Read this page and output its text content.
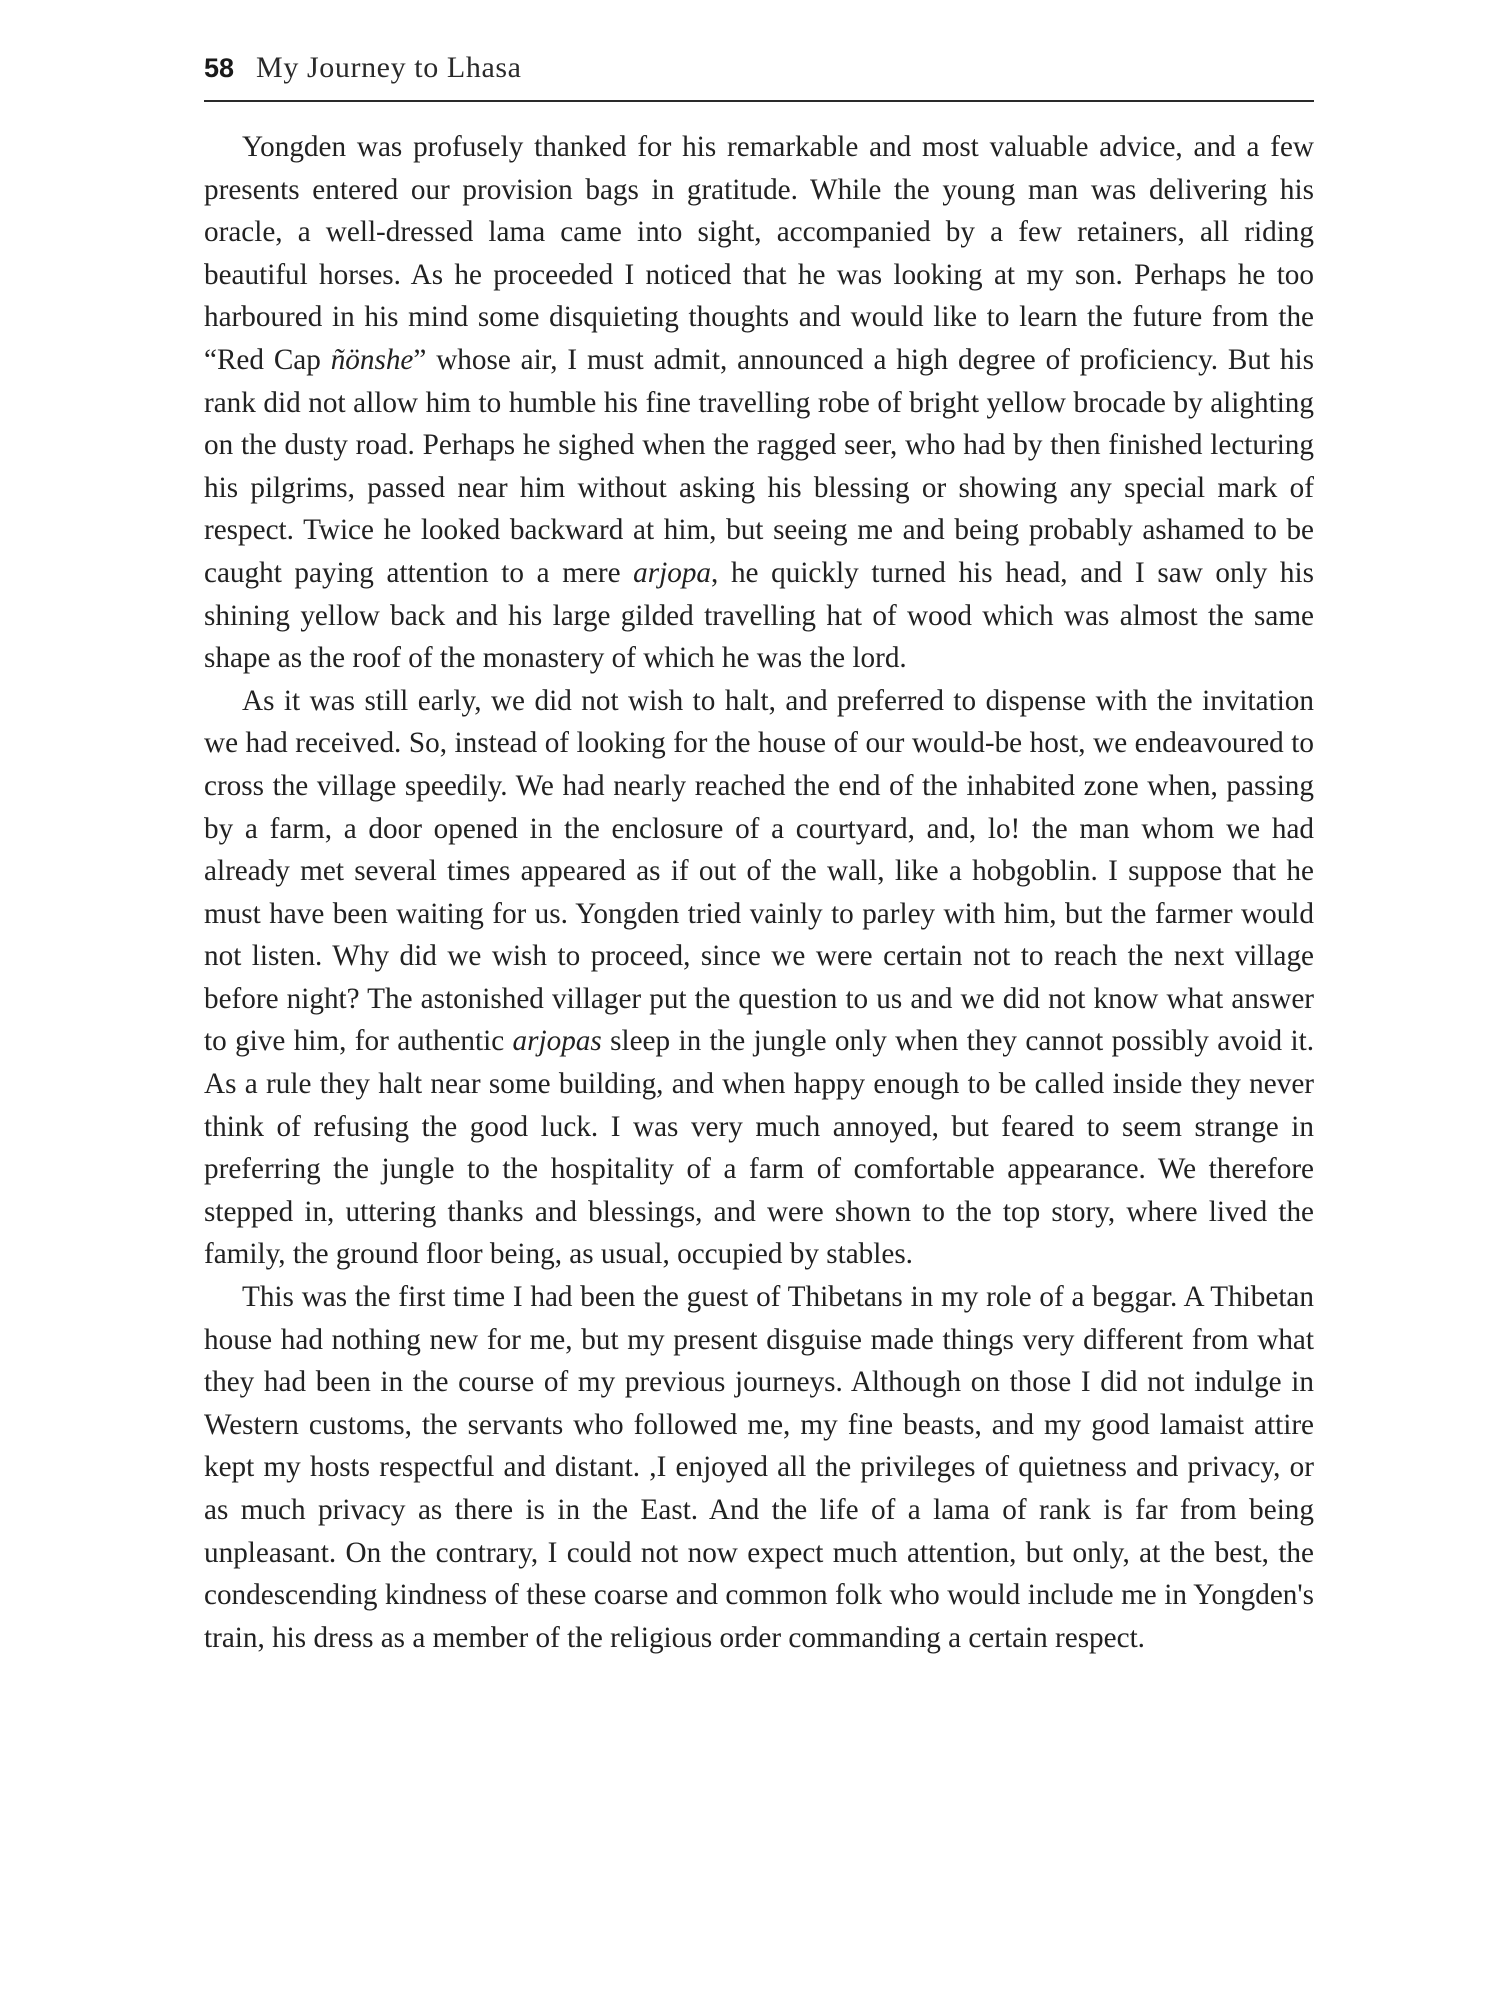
58 My Journey to Lhasa

Yongden was profusely thanked for his remarkable and most valuable advice, and a few presents entered our provision bags in gratitude. While the young man was delivering his oracle, a well-dressed lama came into sight, accompanied by a few retainers, all riding beautiful horses. As he proceeded I noticed that he was looking at my son. Perhaps he too harboured in his mind some disquieting thoughts and would like to learn the future from the “Red Cap ñönshe” whose air, I must admit, announced a high degree of proficiency. But his rank did not allow him to humble his fine travelling robe of bright yellow brocade by alighting on the dusty road. Perhaps he sighed when the ragged seer, who had by then finished lecturing his pilgrims, passed near him without asking his blessing or showing any special mark of respect. Twice he looked backward at him, but seeing me and being probably ashamed to be caught paying attention to a mere arjopa, he quickly turned his head, and I saw only his shining yellow back and his large gilded travelling hat of wood which was almost the same shape as the roof of the monastery of which he was the lord.

As it was still early, we did not wish to halt, and preferred to dispense with the invitation we had received. So, instead of looking for the house of our would-be host, we endeavoured to cross the village speedily. We had nearly reached the end of the inhabited zone when, passing by a farm, a door opened in the enclosure of a courtyard, and, lo! the man whom we had already met several times appeared as if out of the wall, like a hobgoblin. I suppose that he must have been waiting for us. Yongden tried vainly to parley with him, but the farmer would not listen. Why did we wish to proceed, since we were certain not to reach the next village before night? The astonished villager put the question to us and we did not know what answer to give him, for authentic arjopas sleep in the jungle only when they cannot possibly avoid it. As a rule they halt near some building, and when happy enough to be called inside they never think of refusing the good luck. I was very much annoyed, but feared to seem strange in preferring the jungle to the hospitality of a farm of comfortable appearance. We therefore stepped in, uttering thanks and blessings, and were shown to the top story, where lived the family, the ground floor being, as usual, occupied by stables.

This was the first time I had been the guest of Thibetans in my role of a beggar. A Thibetan house had nothing new for me, but my present disguise made things very different from what they had been in the course of my previous journeys. Although on those I did not indulge in Western customs, the servants who followed me, my fine beasts, and my good lamaist attire kept my hosts respectful and distant. ,I enjoyed all the privileges of quietness and privacy, or as much privacy as there is in the East. And the life of a lama of rank is far from being unpleasant. On the contrary, I could not now expect much attention, but only, at the best, the condescending kindness of these coarse and common folk who would include me in Yongden's train, his dress as a member of the religious order commanding a certain respect.
